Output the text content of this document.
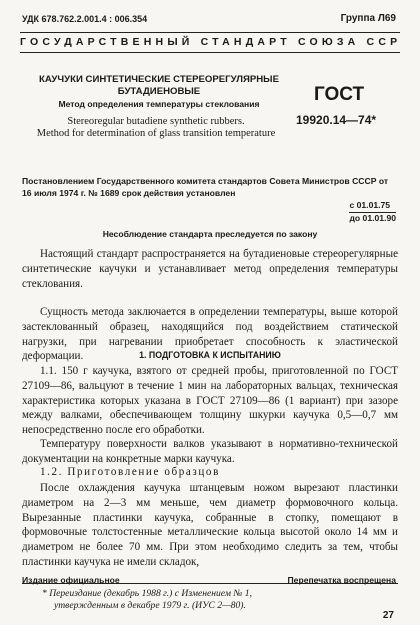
УДК 678.762.2.001.4 : 006.354	Группа Л69
ГОСУДАРСТВЕННЫЙ СТАНДАРТ СОЮЗА ССР
КАУЧУКИ СИНТЕТИЧЕСКИЕ СТЕРЕОРЕГУЛЯРНЫЕ БУТАДИЕНОВЫЕ
Метод определения температуры стеклования
Stereoregular butadiene synthetic rubbers.
Method for determination of glass transition temperature
ГОСТ
19920.14—74*
Постановлением Государственного комитета стандартов Совета Министров СССР от 16 июля 1974 г. № 1689 срок действия установлен
с 01.01.75
до 01.01.90
Несоблюдение стандарта преследуется по закону

Настоящий стандарт распространяется на бутадиеновые стереорегулярные синтетические каучуки и устанавливает метод определения температуры стеклования.

Сущность метода заключается в определении температуры, выше которой застеклованный образец, находящийся под воздействием статической нагрузки, при нагревании приобретает способность к эластической деформации.	1. ПОДГОТОВКА К ИСПЫТАНИЮ

1.1. 150 г каучука, взятого от средней пробы, приготовленной по ГОСТ 27109—86, вальцуют в течение 1 мин на лабораторных вальцах, техническая характеристика которых указана в ГОСТ 27109—86 (1 вариант) при зазоре между валками, обеспечивающем толщину шкурки каучука 0,5—0,7 мм непосредственно после его обработки.

Температуру поверхности валков указывают в нормативно-технической документации на конкретные марки каучука.

1.2. Приготовление образцов

После охлаждения каучука штанцевым ножом вырезают пластинки диаметром на 2—3 мм меньше, чем диаметр формовочного кольца. Вырезанные пластинки каучука, собранные в стопку, помещают в формовочные толстостенные металлические кольца высотой около 14 мм и диаметром не более 70 мм. При этом необходимо следить за тем, чтобы пластинки каучука не имели складок,

Издание официальное	Перепечатка воспрещена
* Переиздание (декабрь 1988 г.) с Изменением № 1,
утвержденным в декабре 1979 г. (ИУС 2—80).
27
